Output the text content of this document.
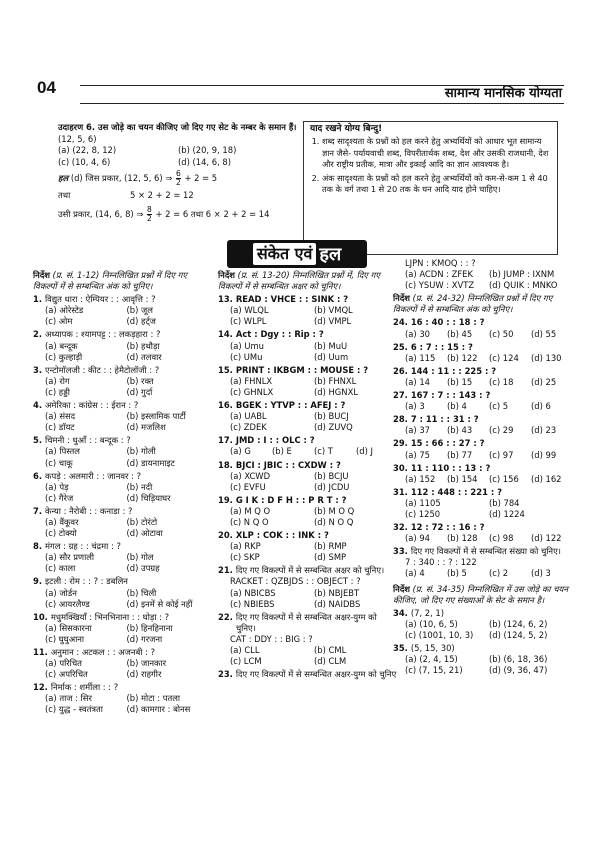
04	सामान्य मानसिक योग्यता
उदाहरण 6. उस जोड़े का चयन कीजिए जो दिए गए सेट के नम्बर के समान हैं।
(12, 5, 6)
(a) (22, 8, 12)	(b) (20, 9, 18)
(c) (10, 4, 6)	(d) (14, 6, 8)
हल (d) जिस प्रकार, (12, 5, 6) ⇒ $\frac{6}{2} + 2 = 5$
तथा	5 × 2 + 2 = 12
उसी प्रकार, (14, 6, 8) ⇒ $\frac{8}{2} + 2 = 6$ तथा 6 × 2 + 2 = 14
याद रखने योग्य बिन्दु!
1. शब्द सादृश्यता के प्रश्नों को हल करने हेतु अभ्यर्थियों को आधार भूत सामान्य ज्ञान जैसे- पर्यायवाची शब्द, विपरीतार्थक शब्द, देश और उसकी राजधानी, देश और राष्ट्रीय प्रतीक, मात्रा और इकाई आदि का ज्ञान आवश्यक है।
2. अंक सादृश्यता के प्रश्नों को हल करने हेतु अभ्यर्थियों को कम-से-कम 1 से 40 तक के वर्ग तथा 1 से 20 तक के घन आदि याद होने चाहिए।
संकेत एवं हल
निर्देश (प्र. सं. 1-12) निम्नलिखित प्रश्नों में दिए गए विकल्पों में से सम्बन्धित अंक को चुनिए।
1. विद्युत धारा : ऐम्पियर : : आवृत्ति : ?
(a) ओरेस्टेड	(b) जूल
(c) ओम	(d) हर्ट्ज
2. अध्यापक : श्यामपट्ट : : लकड़हारा : ?
(a) बन्दूक	(b) हथौड़ा
(c) कुल्हाड़ी	(d) तलवार
3. एन्टोमॉलजी : कीट : : हेमैटोलॉजी : ?
(a) रोग	(b) रक्त
(c) हड्डी	(d) गुर्दा
4. अमेरिका : कांग्रेस : : ईरान : ?
(a) संसद	(b) इस्लामिक पार्टी
(c) डाॅयट	(d) मजलिश
5. चिमनी : धुआँ : : बन्दूक : ?
(a) पिस्तल	(b) गोली
(c) चाकू	(d) डायनामाइट
6. कपड़े : अलमारी : : जानवर : ?
(a) पेड़	(b) नदी
(c) गैरेज	(d) चिड़ियाघर
7. केन्या : नैरोबी : : कनाडा : ?
(a) वैंकूवर	(b) टोरंटो
(c) टोक्यो	(d) ओटावा
8. मंगल : ग्रह : : चंद्रमा : ?
(a) सौर प्रणाली	(b) गोल
(c) काला	(d) उपग्रह
9. इटली : रोम : : ? : डबलिन
(a) जोर्डन	(b) चिली
(c) आयरलैण्ड	(d) इनमें से कोई नहीं
10. मधुमक्खियाँ : भिनभिनाना : : घोड़ा : ?
(a) सिसकारना	(b) हिनहिनाना
(c) घुघुआना	(d) गरजना
11. अनुमान : अटकल : : अजनबी : ?
(a) परिचित	(b) जानकार
(c) अपरिचित	(d) राहगीर
12. निर्माक : शर्मीला : : ?
(a) ताज : सिर	(b) मोटा : पतला
(c) युद्ध - स्वतंत्रता	(d) कामगार : बोनस
निर्देश (प्र. सं. 13-20) निम्नलिखित प्रश्नों में, दिए गए विकल्पों में से सम्बन्धित अक्षर को चुनिए।
13. READ : VHCE : : SINK : ?
(a) WLQL	(b) VMQL
(c) WLPL	(d) VMPL
14. Act : Dgy : : Rip : ?
(a) Umu	(b) MuU
(c) UMu	(d) Uum
15. PRINT : IKBGM : : MOUSE : ?
(a) FHNLX	(b) FHNXL
(c) GHNLX	(d) HGNXL
16. BGEK : YTVP : : AFEJ : ?
(a) UABL	(b) BUCJ
(c) ZDEK	(d) ZUVQ
17. JMD : I : : OLC : ?
(a) G	(b) E	(c) T	(d) J
18. BJCI : JBIC : : CXDW : ?
(a) XCWD	(b) BCJU
(c) EVFU	(d) JCDU
19. G I K : D F H : : P R T : ?
(a) M Q O	(b) M O Q
(c) N Q O	(d) N O Q
20. XLP : COK : : INK : ?
(a) RKP	(b) RMP
(c) SKP	(d) SMP
21. दिए गए विकल्पों में से सम्बन्धित अक्षर को चुनिए।
RACKET : QZBJDS : : OBJECT : ?
(a) NBICBS	(b) NBJEBT
(c) NBIEBS	(d) NAIDBS
22. दिए गए विकल्पों में से सम्बन्धित अक्षर-युग्म को चुनिए।
CAT : DDY : : BIG : ?
(a) CLL	(b) CML
(c) LCM	(d) CLM
23. दिए गए विकल्पों में से सम्बन्धित अक्षर-युग्म को चुनिए
LJPN : KMOQ : : ?
(a) ACDN : ZFEK	(b) JUMP : IXNM
(c) YSUW : XVTZ	(d) QUIK : MNKO
निर्देश (प्र. सं. 24-32) निम्नलिखित प्रश्नों में दिए गए विकल्पों में से सम्बन्धित अंक को चुनिए।
24. 16 : 40 : : 18 : ?
(a) 30	(b) 45	(c) 50	(d) 55
25. 6 : 7 : : 15 : ?
(a) 115	(b) 122	(c) 124	(d) 130
26. 144 : 11 : : 225 : ?
(a) 14	(b) 15	(c) 18	(d) 25
27. 167 : 7 : : 143 : ?
(a) 3	(b) 4	(c) 5	(d) 6
28. 7 : 11 : : 31 : ?
(a) 37	(b) 43	(c) 29	(d) 23
29. 15 : 66 : : 27 : ?
(a) 75	(b) 77	(c) 97	(d) 99
30. 11 : 110 : : 13 : ?
(a) 152	(b) 154	(c) 156	(d) 162
31. 112 : 448 : : 221 : ?
(a) 1105	(b) 784
(c) 1250	(d) 1224
32. 12 : 72 : : 16 : ?
(a) 94	(b) 128	(c) 98	(d) 122
33. दिए गए विकल्पों में से सम्बन्धित संख्या को चुनिए।
7 : 340 : : ? : 122
(a) 4	(b) 5	(c) 2	(d) 3
निर्देश (प्र. सं. 34-35) निम्नलिखित में उस जोड़े का चयन कीजिए, जो दिए गए संख्याओं के सेट के समान है।
34. (7, 2, 1)
(a) (10, 6, 5)	(b) (124, 6, 2)
(c) (1001, 10, 3)	(d) (124, 5, 2)
35. (5, 15, 30)
(a) (2, 4, 15)	(b) (6, 18, 36)
(c) (7, 15, 21)	(d) (9, 36, 47)
